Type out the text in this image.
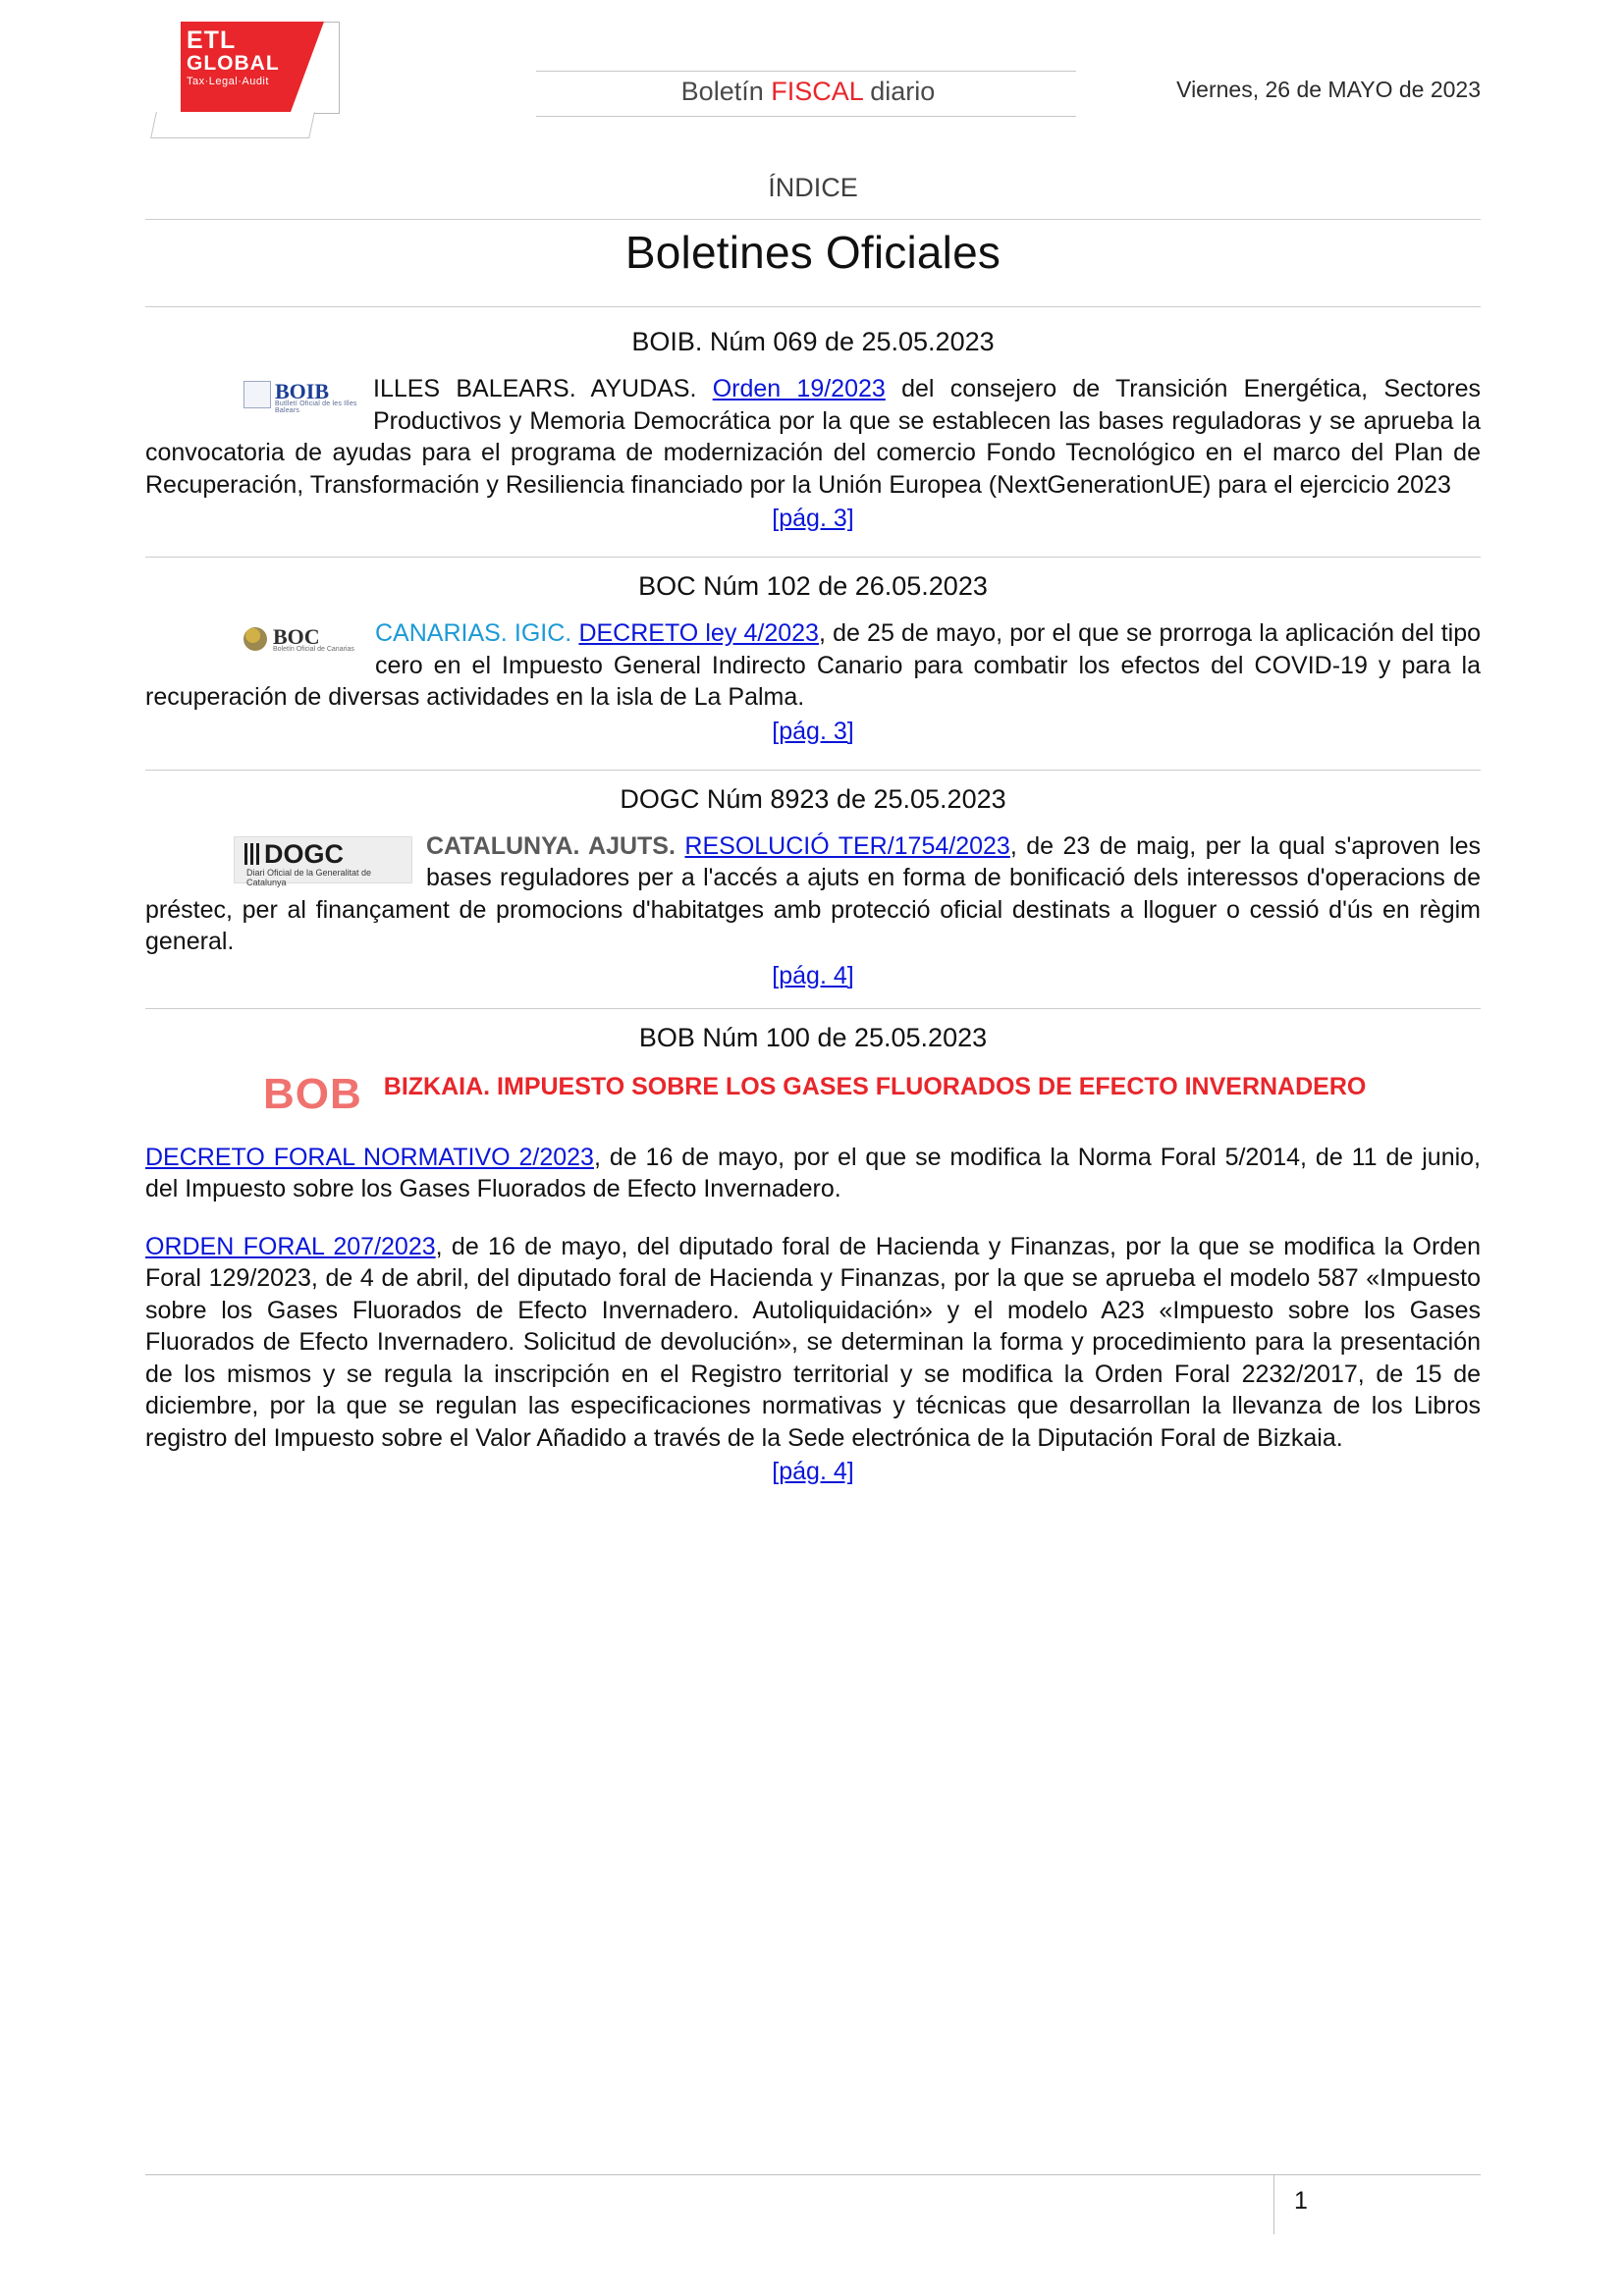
ETL
GLOBAL
Tax·Legal·Audit	Boletín FISCAL diario	Viernes, 26 de MAYO de 2023
ÍNDICE
Boletines Oficiales
BOIB. Núm 069 de 25.05.2023
BOIB
Butlletí Oficial de les Illes Balears

ILLES BALEARS. AYUDAS. Orden 19/2023 del consejero de Transición Energética, Sectores Productivos y Memoria Democrática por la que se establecen las bases reguladoras y se aprueba la convocatoria de ayudas para el programa de modernización del comercio Fondo Tecnológico en el marco del Plan de Recuperación, Transformación y Resiliencia financiado por la Unión Europea (NextGenerationUE) para el ejercicio 2023

[pág. 3]
BOC Núm 102 de 26.05.2023
BOC
Boletín Oficial de Canarias

CANARIAS. IGIC. DECRETO ley 4/2023, de 25 de mayo, por el que se prorroga la aplicación del tipo cero en el Impuesto General Indirecto Canario para combatir los efectos del COVID-19 y para la recuperación de diversas actividades en la isla de La Palma.

[pág. 3]
DOGC Núm 8923 de 25.05.2023
DOGC
Diari Oficial de la Generalitat de Catalunya

CATALUNYA. AJUTS. RESOLUCIÓ TER/1754/2023, de 23 de maig, per la qual s'aproven les bases reguladores per a l'accés a ajuts en forma de bonificació dels interessos d'operacions de préstec, per al finançament de promocions d'habitatges amb protecció oficial destinats a lloguer o cessió d'ús en règim general.

[pág. 4]
BOB Núm 100 de 25.05.2023
BOB BIZKAIA. IMPUESTO SOBRE LOS GASES FLUORADOS DE EFECTO INVERNADERO

DECRETO FORAL NORMATIVO 2/2023, de 16 de mayo, por el que se modifica la Norma Foral 5/2014, de 11 de junio, del Impuesto sobre los Gases Fluorados de Efecto Invernadero.

ORDEN FORAL 207/2023, de 16 de mayo, del diputado foral de Hacienda y Finanzas, por la que se modifica la Orden Foral 129/2023, de 4 de abril, del diputado foral de Hacienda y Finanzas, por la que se aprueba el modelo 587 «Impuesto sobre los Gases Fluorados de Efecto Invernadero. Autoliquidación» y el modelo A23 «Impuesto sobre los Gases Fluorados de Efecto Invernadero. Solicitud de devolución», se determinan la forma y procedimiento para la presentación de los mismos y se regula la inscripción en el Registro territorial y se modifica la Orden Foral 2232/2017, de 15 de diciembre, por la que se regulan las especificaciones normativas y técnicas que desarrollan la llevanza de los Libros registro del Impuesto sobre el Valor Añadido a través de la Sede electrónica de la Diputación Foral de Bizkaia.

[pág. 4]
1
